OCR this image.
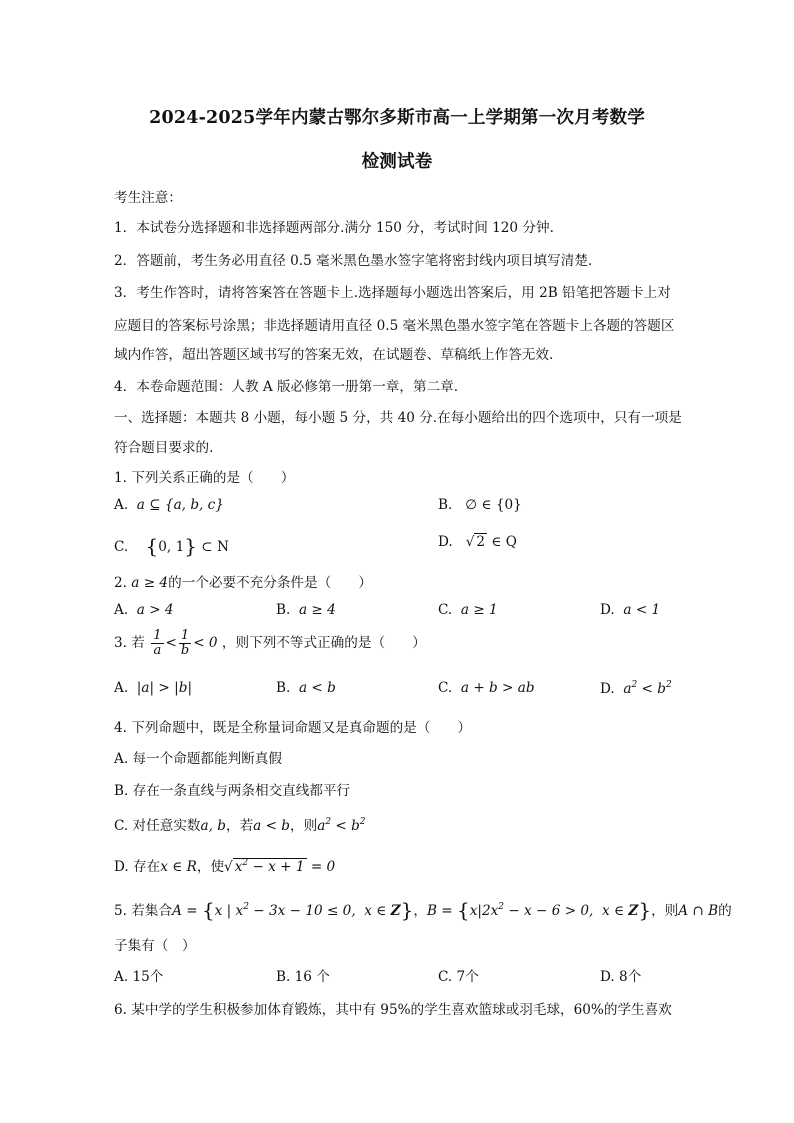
2024-2025学年内蒙古鄂尔多斯市高一上学期第一次月考数学
检测试卷
考生注意：
1．本试卷分选择题和非选择题两部分.满分 150 分，考试时间 120 分钟.
2．答题前，考生务必用直径 0.5 毫米黑色墨水签字笔将密封线内项目填写清楚.
3．考生作答时，请将答案答在答题卡上.选择题每小题选出答案后，用 2B 铅笔把答题卡上对
应题目的答案标号涂黑；非选择题请用直径 0.5 毫米黑色墨水签字笔在答题卡上各题的答题区
域内作答，超出答题区域书写的答案无效，在试题卷、草稿纸上作答无效.
4．本卷命题范围：人教 A 版必修第一册第一章，第二章.
一、选择题：本题共 8 小题，每小题 5 分，共 40 分.在每小题给出的四个选项中，只有一项是
符合题目要求的.
1. 下列关系正确的是（　　）
A.  a ⊆ {a, b, c}	B.   ∅ ∈ {0}
C. {0, 1} ⊂ N	D.   √ 2 ∈ Q
2. a ≥ 4的一个必要不充分条件是（　　）
A.  a > 4	B.  a ≥ 4	C.  a ≥ 1	D.  a < 1
3. 若 $\frac{1}{a} < \frac{1}{b} < 0$ ，则下列不等式正确的是（　　）
A. |a| > |b|	B.  a < b	C.  a + b > ab	D.  $a^2 < b^2$
4. 下列命题中，既是全称量词命题又是真命题的是（　　）
A. 每一个命题都能判断真假
B. 存在一条直线与两条相交直线都平行
C. 对任意实数a, b，若a < b，则$a^2 < b^2$
D. 存在x ∈ R，使√ $x^2 - x + 1 = 0$
5. 若集合A = {x | $x^2 - 3x - 10 \le 0$,  x ∈ Z}，$B = \{x|2x^2 - x - 6 > 0$,  x ∈ Z}，则A ∩ B的
子集有（　）
A. 15个	B. 16 个	C. 7个	D. 8个
6. 某中学的学生积极参加体育锻炼，其中有 95%的学生喜欢篮球或羽毛球，60%的学生喜欢
